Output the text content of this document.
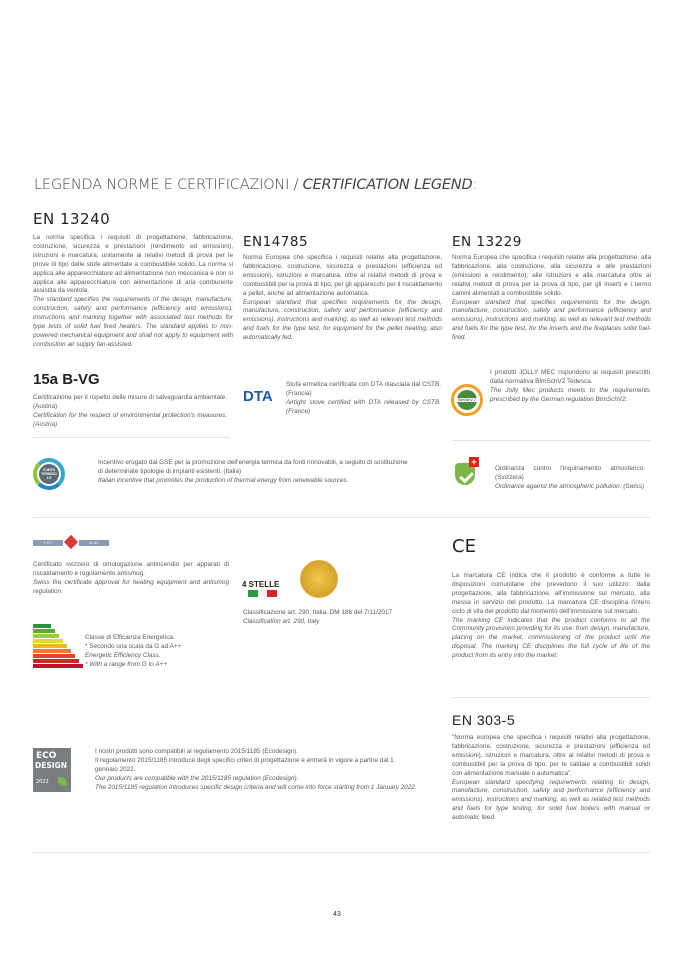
LEGENDA NORME E CERTIFICAZIONI / CERTIFICATION LEGEND:
EN 13240

La norma specifica i requisiti di progettazione, fabbricazione, costruzione, sicurezza e prestazioni (rendimento ed emissioni), istruzioni e marcatura, unitamente ai relativi metodi di prova per le prove di tipo delle stufe alimentate a combustibile solido. La norma si applica alle apparecchiature ad alimentazione non meccanica e non si applica alle apparecchiature con alimentazione di aria comburente assistita da ventola.

The standard specifies the requirements of the design, manufacture, construction, safety and performance (efficiency and emissions), instructions and marking together with associated test methods for type tests of solid fuel fired heaters. The standard applies to non-powered mechanical equipment and shall not apply to equipment with combustion air supply fan-assisted.

EN14785

Norma Europea che specifica i requisiti relativi alla progettazione, fabbricazione, costruzione, sicurezza e prestazioni (efficienza ed emissioni), istruzioni e marcatura, oltre ai relativi metodi di prova e combustibili per la prova di tipo, per gli apparecchi per il riscaldamento a pellet, anche ad alimentazione automatica.

European standard that specifies requirements for the design, manufacture, construction, safety and performance (efficiency and emissions), instructions and marking, as well as relevant test methods and fuels for the type test, for equipment for the pellet heating, also automatically fed.

EN 13229

Norma Europea che specifica i requisiti relativi alla progettazione, alla fabbricazione, alla costruzione, alla sicurezza e alle prestazioni (emissioni e rendimento), alle istruzioni e alla marcatura oltre ai relativi metodi di prova per la prova di tipo, per gli inserti e i termo camini alimentati a combustibile solido.

European standard that specifies requirements for the design, manufacture, construction, safety and performance (efficiency and emissions), instructions and marking, as well as relevant test methods and fuels for the type test, for the inserts and the fireplaces solid fuel-fired.

15a B-VG

Certificazione per il rispetto delle misure di salvaguardia ambientale. (Austria)

Certification for the respect of environmental protection's measures. (Austria)

DTA

Stufa ermetica certificata con DTA rilasciata dal CSTB. (Francia)

Airtight stove certified with DTA released by CSTB. (France)

BImSchV 2

I prodotti JOLLY MEC rispondono ai requisiti prescritti dalla normativa BImSchV2 Tedesca.

The Jolly Mec products meets to the requirements prescribed by the German regulation BImSchV2.

CONTO
TERMICO
2.0

Incentivo erogato dal GSE per la promozione dell'energia termica da fonti rinnovabili, a seguito di sostituzione di determinate tipologie di impianti esistenti. (Italia)

Italian incentive that promotes the production of thermal energy from renewable sources.

+

Ordinanza contro l'inquinamento atmosferico. (Svizzera)

Ordinance against the atmospheric pollution. (Swiss)

V K F	A I A I

Certificato svizzero di omologazione antincendio per apparati di riscaldamento e regolamento antismog.

Swiss fire certificate approval for heating equipment and antismog regulation.

4 STELLE

Classificazione art. 290, Italia. DM 186 del 7/11/2017

Classification art. 290, Italy

CE

La marcatura CE indica che il prodotto è conforme a tutte le disposizioni comunitarie che prevedono il suo utilizzo: dalla progettazione, alla fabbricazione, all'immissione sul mercato, alla messa in servizio del prodotto. La marcatura CE disciplina l'intero ciclo di vita del prodotto dal momento dell'immissione sul mercato.

The marking CE indicates that the product conforms to all the Community provisions providing for its use: from design, manufacture, placing on the market, commissioning of the product until the disposal. The marking CE disciplines the full cycle of life of the product from its entry into the market.

Classe di Efficienza Energetica.

* Secondo una scala da G ad A++

Energetic Efficiency Class.

* With a range from G to A++

EN 303-5

"Norma europea che specifica i requisiti relativi alla progettazione, fabbricazione, costruzione, sicurezza e prestazioni (efficienza ed emissioni), istruzioni e marcatura, oltre ai relativi metodi di prova e combustibili per la prova di tipo, per le caldaie a combustibili solidi con alimentazione manuale o automatica".

European standard specifying requirements relating to design, manufacture, construction, safety and performance (efficiency and emissions), instructions and marking, as well as related test methods and fuels for type testing, for solid fuel boilers with manual or automatic feed.

ECO
DESIGN
2022

I nostri prodotti sono compatibili al regolamento 2015/1185 (Ecodesign).

Il regolamento 2015/1185 introduce degli specifici criteri di progettazione e entrerà in vigore a partire dal 1 gennaio 2022.

Our products are compatible with the 2015/1185 regulation (Ecodesign).

The 2015/1185 regulation introduces specific design criteria and will come into force starting from 1 January 2022.

43
